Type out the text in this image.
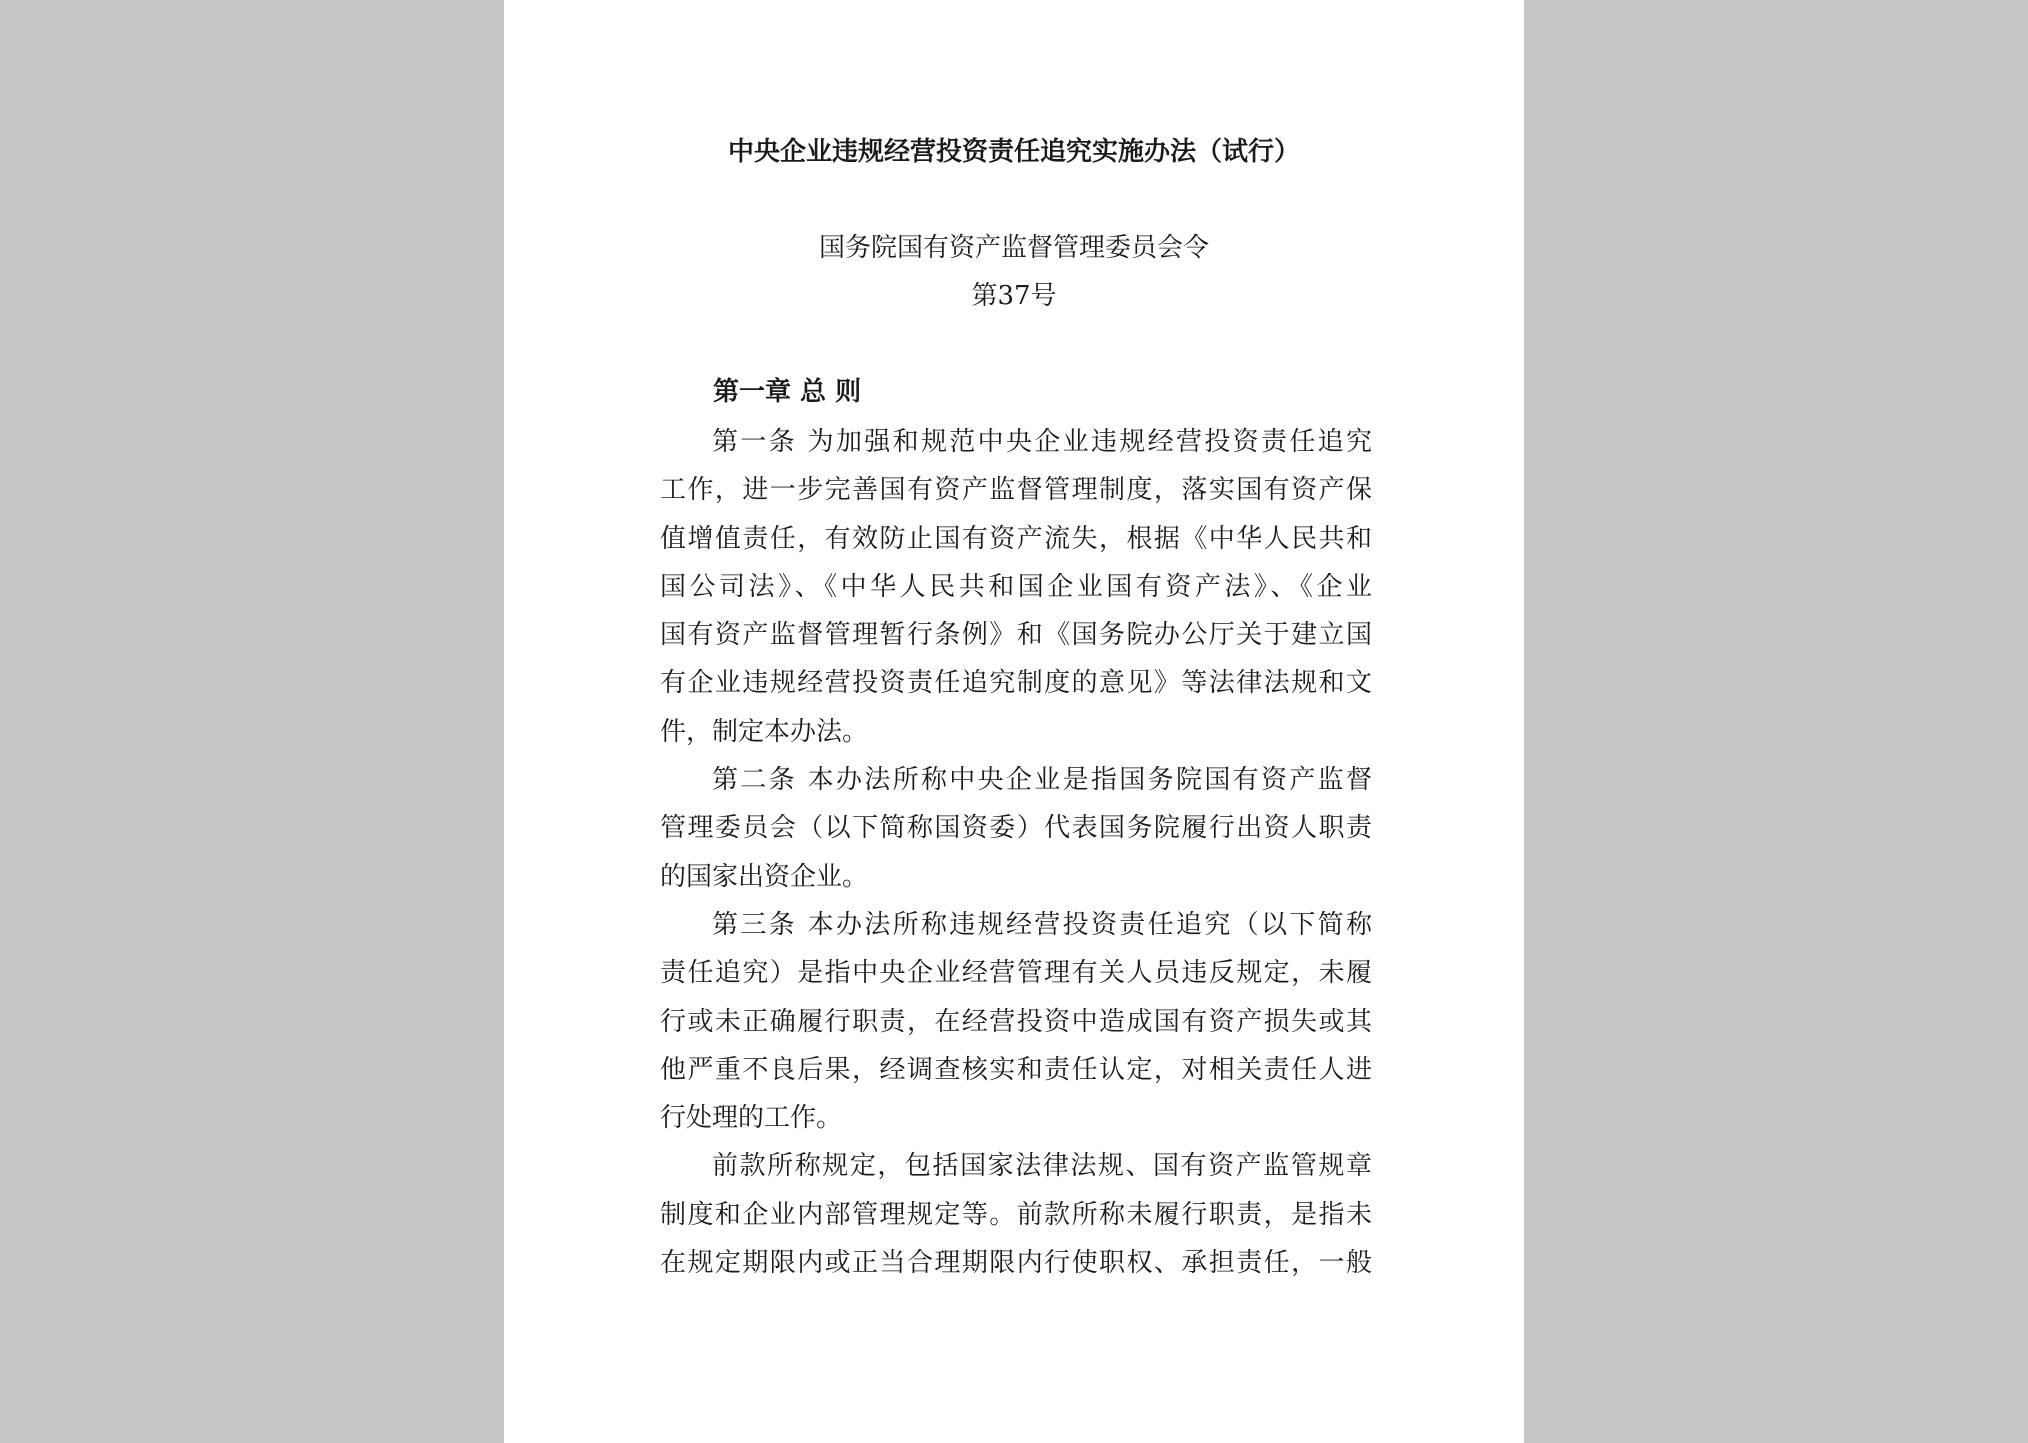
中央企业违规经营投资责任追究实施办法（试行）
国务院国有资产监督管理委员会令
第37号
第一章 总 则
第一条 为加强和规范中央企业违规经营投资责任追究
工作，进一步完善国有资产监督管理制度，落实国有资产保
值增值责任，有效防止国有资产流失，根据《中华人民共和
国公司法》、《中华人民共和国企业国有资产法》、《企业
国有资产监督管理暂行条例》和《国务院办公厅关于建立国
有企业违规经营投资责任追究制度的意见》等法律法规和文
件，制定本办法。
第二条 本办法所称中央企业是指国务院国有资产监督
管理委员会（以下简称国资委）代表国务院履行出资人职责
的国家出资企业。
第三条 本办法所称违规经营投资责任追究（以下简称
责任追究）是指中央企业经营管理有关人员违反规定，未履
行或未正确履行职责，在经营投资中造成国有资产损失或其
他严重不良后果，经调查核实和责任认定，对相关责任人进
行处理的工作。
前款所称规定，包括国家法律法规、国有资产监管规章
制度和企业内部管理规定等。前款所称未履行职责，是指未
在规定期限内或正当合理期限内行使职权、承担责任，一般
